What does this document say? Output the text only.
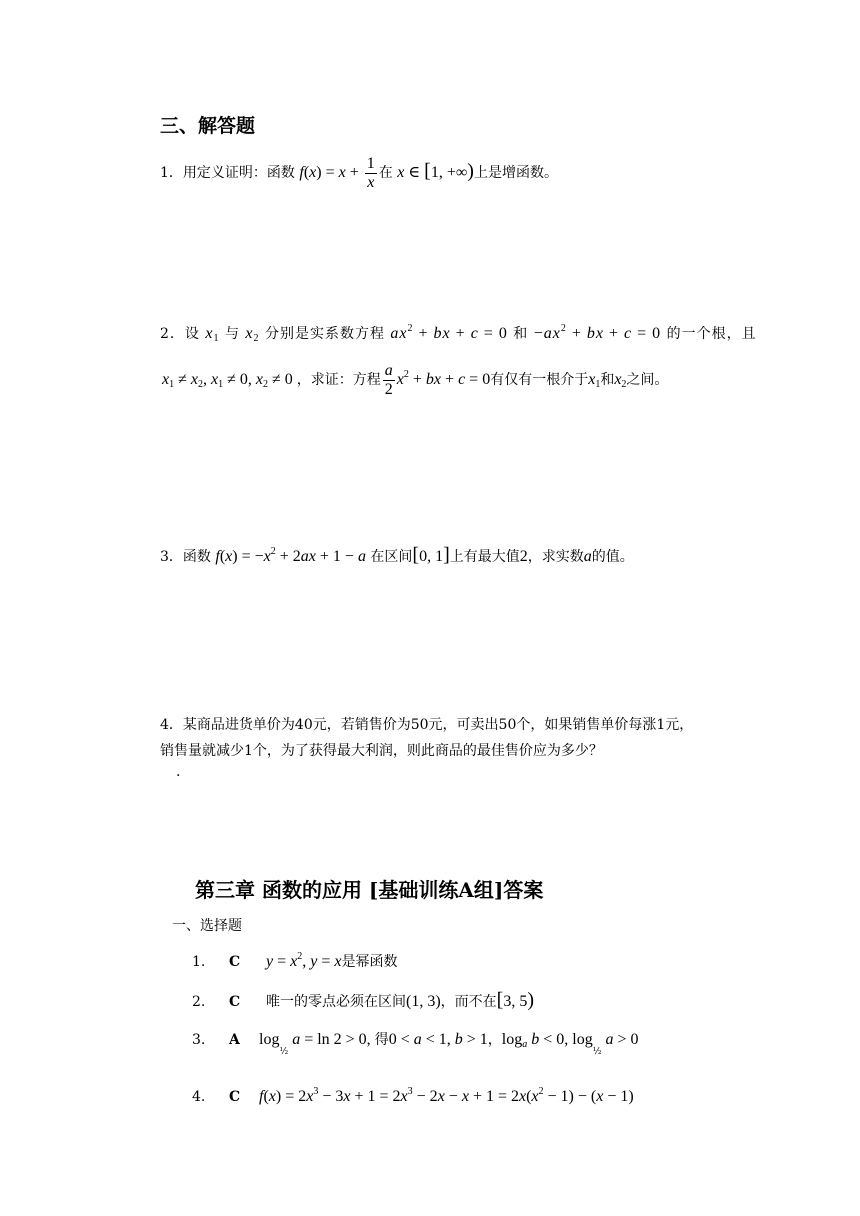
三、解答题
1．用定义证明：函数 $f(x) = x + \frac{1}{x}$ 在 x ∈ [1, +∞)上是增函数。
2．设 $x_1$ 与 $x_2$ 分别是实系数方程 $ax^2$ + bx + c = 0 和 $-ax^2$ + bx + c = 0 的一个根，且
$x_1 \ne x_2$, $x_1 \ne 0$, $x_2 \ne 0$ ，求证：方程 $\frac{a}{2} x^2$ + bx + c = 0有仅有一根介于$x_1$和$x_2$之间。
3．函数 $f(x) = -x^2 + 2ax + 1 - a$ 在区间[0, 1]上有最大值2，求实数a的值。
4．某商品进货单价为40元，若销售价为50元，可卖出50个，如果销售单价每涨1元，
销售量就减少1个，为了获得最大利润，则此商品的最佳售价应为多少？
.
第三章 函数的应用 [基础训练A组]答案
一、选择题
1. C $y = x^2$, y = x是幂函数
2. C 唯一的零点必须在区间(1, 3)，而不在[3, 5)
3. A $\log_{\frac{1}{2}} a = \ln 2 > 0$, 得0 < a < 1, b > 1，$\log_a b < 0$, $\log_{\frac{1}{2}} a > 0$
4. C $f(x) = 2x^3 - 3x + 1 = 2x^3 - 2x - x + 1 = 2x(x^2 - 1) - (x - 1)$
